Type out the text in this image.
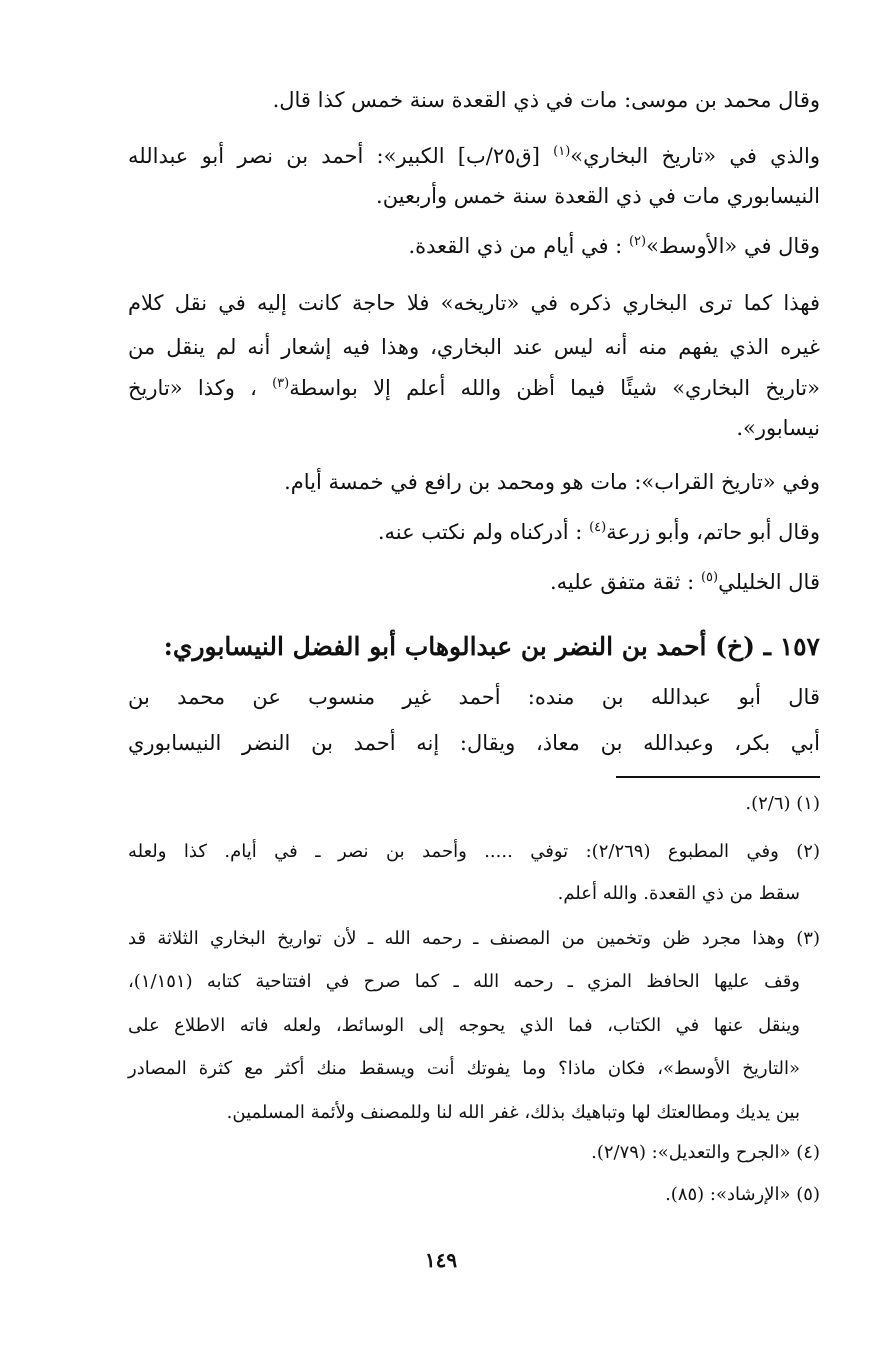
وقال محمد بن موسى: مات في ذي القعدة سنة خمس كذا قال.
والذي في «تاريخ البخاري»$^{(١)}$ [ق٢٥/ب] الكبير»: أحمد بن نصر أبو عبدالله
النيسابوري مات في ذي القعدة سنة خمس وأربعين.
وقال في «الأوسط»$^{(٢)}$ : في أيام من ذي القعدة.
فهذا كما ترى البخاري ذكره في «تاريخه» فلا حاجة كانت إليه في نقل كلام
غيره الذي يفهم منه أنه ليس عند البخاري، وهذا فيه إشعار أنه لم ينقل من
«تاريخ البخاري» شيئًا فيما أظن والله أعلم إلا بواسطة$^{(٣)}$ ، وكذا «تاريخ
نيسابور».
وفي «تاريخ القراب»: مات هو ومحمد بن رافع في خمسة أيام.
وقال أبو حاتم، وأبو زرعة$^{(٤)}$ : أدركناه ولم نكتب عنه.
قال الخليلي$^{(٥)}$ : ثقة متفق عليه.
١٥٧ ـ (خ) أحمد بن النضر بن عبدالوهاب أبو الفضل النيسابوري:
قال أبو عبدالله بن منده: أحمد غير منسوب عن محمد بن
أبي بكر، وعبدالله بن معاذ، ويقال: إنه أحمد بن النضر النيسابوري
(١) (٢/٦).
(٢) وفي المطبوع (٢/٢٦٩): توفي ..... وأحمد بن نصر ـ في أيام. كذا ولعله
سقط من ذي القعدة. والله أعلم.
(٣) وهذا مجرد ظن وتخمين من المصنف ـ رحمه الله ـ لأن تواريخ البخاري الثلاثة قد
وقف عليها الحافظ المزي ـ رحمه الله ـ كما صرح في افتتاحية كتابه (١/١٥١)،
وينقل عنها في الكتاب، فما الذي يحوجه إلى الوسائط، ولعله فاته الاطلاع على
«التاريخ الأوسط»، فكان ماذا؟ وما يفوتك أنت ويسقط منك أكثر مع كثرة المصادر
بين يديك ومطالعتك لها وتباهيك بذلك، غفر الله لنا وللمصنف ولأئمة المسلمين.
(٤) «الجرح والتعديل»: (٢/٧٩).
(٥) «الإرشاد»: (٨٥).
١٤٩
